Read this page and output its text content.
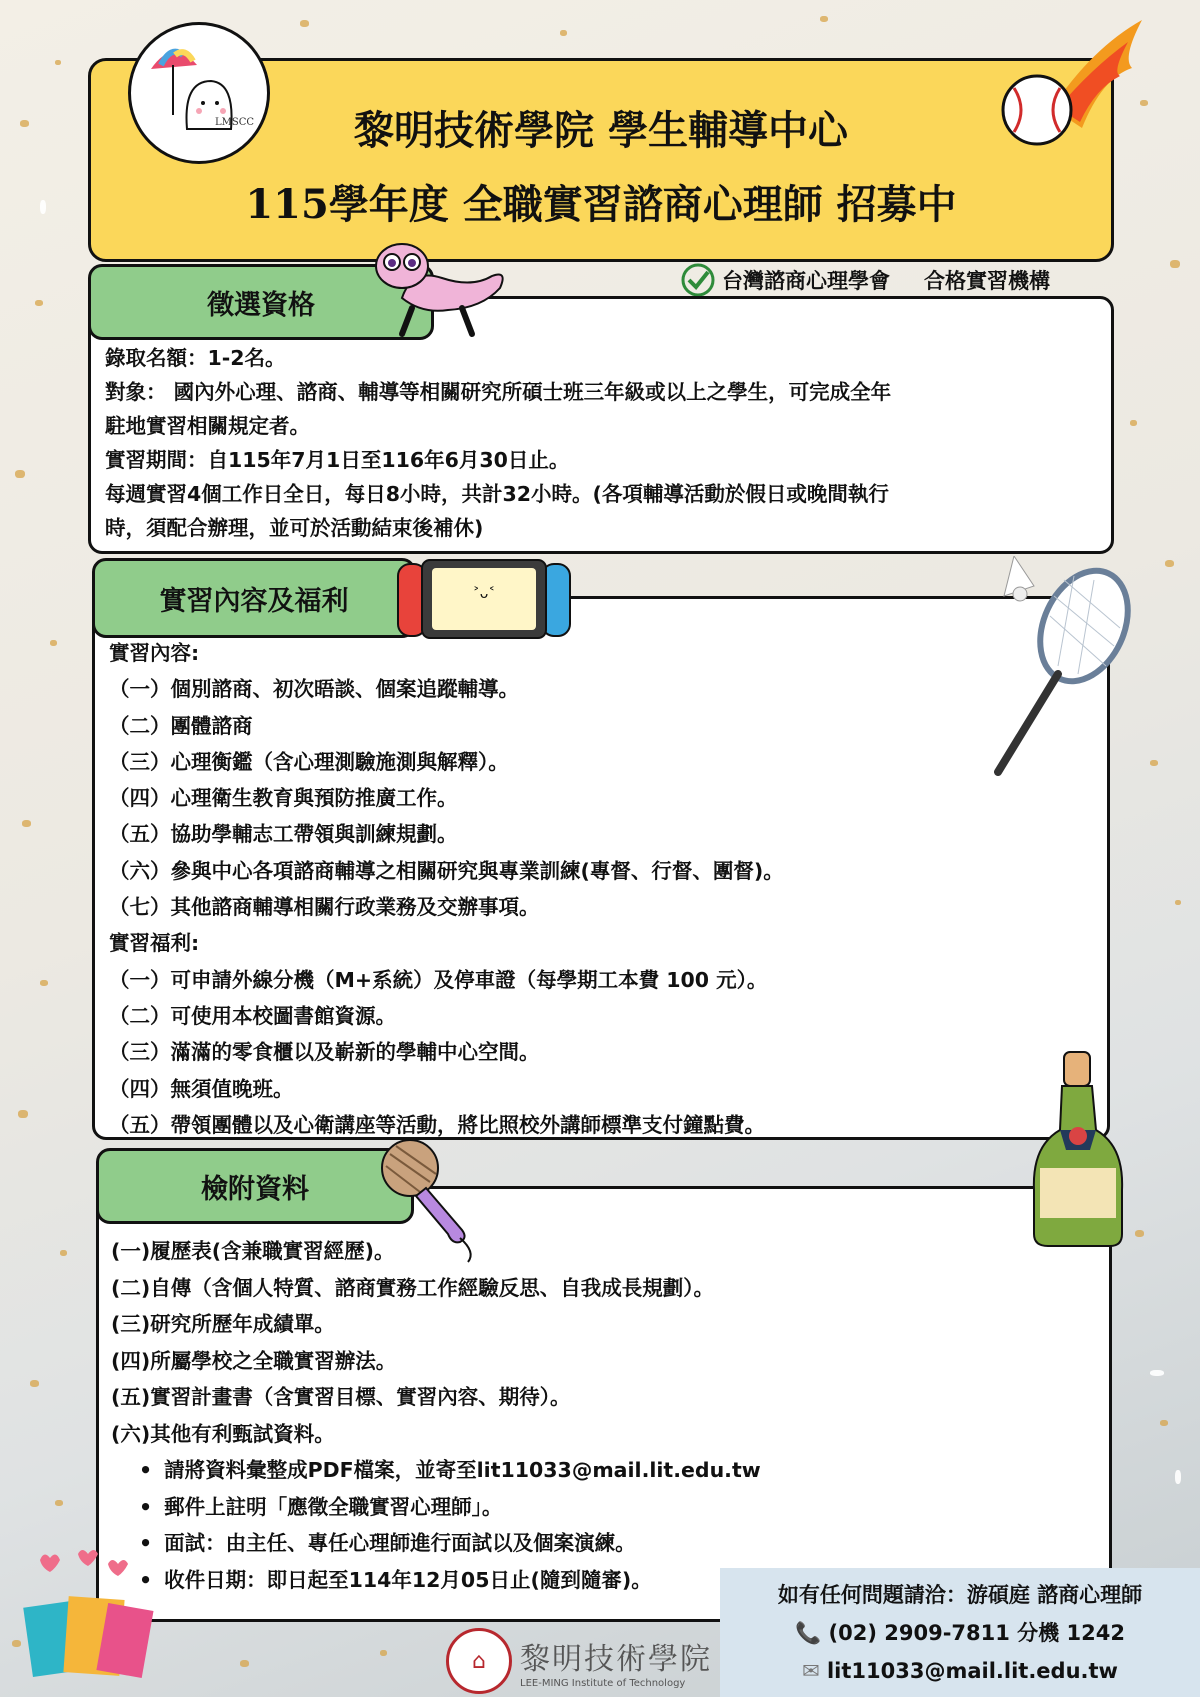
黎明技術學院 學生輔導中心
115學年度 全職實習諮商心理師 招募中
LMSCC
台灣諮商心理學會 合格實習機構
徵選資格
錄取名額：1-2名。
對象： 國內外心理、諮商、輔導等相關研究所碩士班三年級或以上之學生，可完成全年
駐地實習相關規定者。
實習期間：自115年7月1日至116年6月30日止。
每週實習4個工作日全日，每日8小時，共計32小時。(各項輔導活動於假日或晚間執行
時，須配合辦理，並可於活動結束後補休)
實習內容及福利	˃ᴗ˂
實習內容:
（一）個別諮商、初次晤談、個案追蹤輔導。
（二）團體諮商
（三）心理衡鑑（含心理測驗施測與解釋）。
（四）心理衛生教育與預防推廣工作。
（五）協助學輔志工帶領與訓練規劃。
（六）參與中心各項諮商輔導之相關研究與專業訓練(專督、行督、團督)。
（七）其他諮商輔導相關行政業務及交辦事項。
實習福利:
（一）可申請外線分機（M+系統）及停車證（每學期工本費 100 元）。
（二）可使用本校圖書館資源。
（三）滿滿的零食櫃以及嶄新的學輔中心空間。
（四）無須值晚班。
（五）帶領團體以及心衛講座等活動，將比照校外講師標準支付鐘點費。
檢附資料
(一)履歷表(含兼職實習經歷)。
(二)自傳（含個人特質、諮商實務工作經驗反思、自我成長規劃）。
(三)研究所歷年成績單。
(四)所屬學校之全職實習辦法。
(五)實習計畫書（含實習目標、實習內容、期待）。
(六)其他有利甄試資料。
• 請將資料彙整成PDF檔案，並寄至lit11033@mail.lit.edu.tw
• 郵件上註明「應徵全職實習心理師」。
• 面試：由主任、專任心理師進行面試以及個案演練。
• 收件日期：即日起至114年12月05日止(隨到隨審)。
如有任何問題請洽：游碩庭 諮商心理師
📞 (02) 2909-7811 分機 1242
✉ lit11033@mail.lit.edu.tw
⌂	黎明技術學院
LEE-MING Institute of Technology
